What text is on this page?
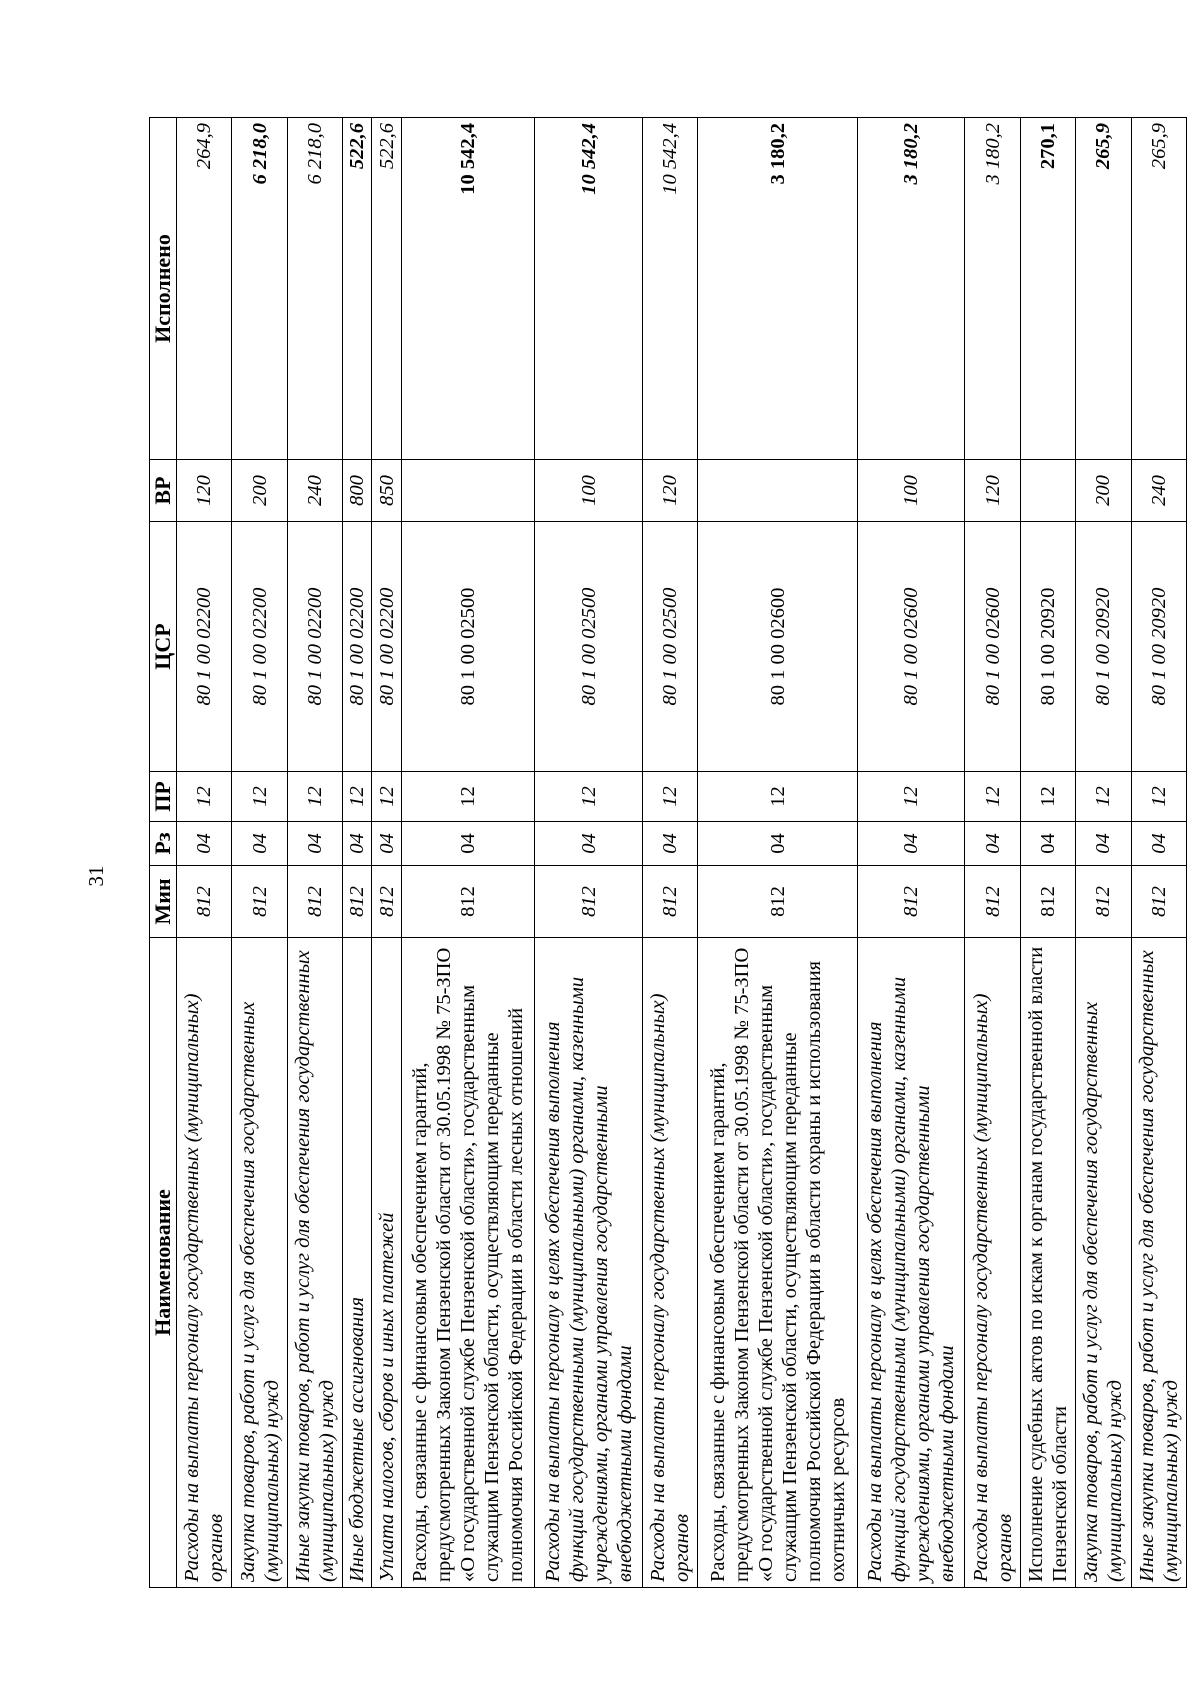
31
Наименование	Мин	Рз	ПР	ЦСР	ВР	Исполнено
Расходы на выплаты персоналу государственных (муниципальных) органов	812	04	12	80 1 00 02200	120	264,9
Закупка товаров, работ и услуг для обеспечения государственных (муниципальных) нужд	812	04	12	80 1 00 02200	200	6 218,0
Иные закупки товаров, работ и услуг для обеспечения государственных (муниципальных) нужд	812	04	12	80 1 00 02200	240	6 218,0
Иные бюджетные ассигнования	812	04	12	80 1 00 02200	800	522,6
Уплата налогов, сборов и иных платежей	812	04	12	80 1 00 02200	850	522,6
Расходы, связанные с финансовым обеспечением гарантий, предусмотренных Законом Пензенской области от 30.05.1998 № 75-ЗПО «О государственной службе Пензенской области», государственным служащим Пензенской области, осуществляющим переданные полномочия Российской Федерации в области лесных отношений	812	04	12	80 1 00 02500		10 542,4
Расходы на выплаты персоналу в целях обеспечения выполнения функций государственными (муниципальными) органами, казенными учреждениями, органами управления государственными внебюджетными фондами	812	04	12	80 1 00 02500	100	10 542,4
Расходы на выплаты персоналу государственных (муниципальных) органов	812	04	12	80 1 00 02500	120	10 542,4
Расходы, связанные с финансовым обеспечением гарантий, предусмотренных Законом Пензенской области от 30.05.1998 № 75-ЗПО «О государственной службе Пензенской области», государственным служащим Пензенской области, осуществляющим переданные полномочия Российской Федерации в области охраны и использования охотничьих ресурсов	812	04	12	80 1 00 02600		3 180,2
Расходы на выплаты персоналу в целях обеспечения выполнения функций государственными (муниципальными) органами, казенными учреждениями, органами управления государственными внебюджетными фондами	812	04	12	80 1 00 02600	100	3 180,2
Расходы на выплаты персоналу государственных (муниципальных) органов	812	04	12	80 1 00 02600	120	3 180,2
Исполнение судебных актов по искам к органам государственной власти Пензенской области	812	04	12	80 1 00 20920		270,1
Закупка товаров, работ и услуг для обеспечения государственных (муниципальных) нужд	812	04	12	80 1 00 20920	200	265,9
Иные закупки товаров, работ и услуг для обеспечения государственных (муниципальных) нужд	812	04	12	80 1 00 20920	240	265,9
